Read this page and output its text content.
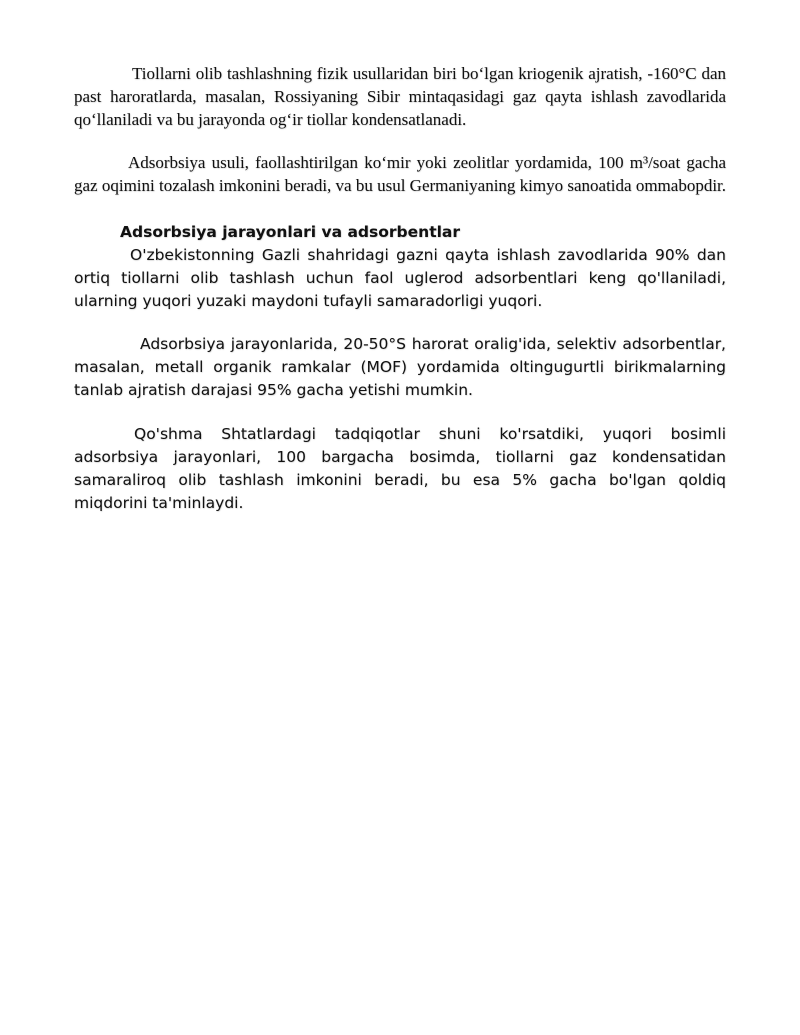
Tiollarni olib tashlashning fizik usullaridan biri bo‘lgan kriogenik ajratish, -160°C dan past haroratlarda, masalan, Rossiyaning Sibir mintaqasidagi gaz qayta ishlash zavodlarida qo‘llaniladi va bu jarayonda og‘ir tiollar kondensatlanadi.

Adsorbsiya usuli, faollashtirilgan ko‘mir yoki zeolitlar yordamida, 100 m³/soat gacha gaz oqimini tozalash imkonini beradi, va bu usul Germaniyaning kimyo sanoatida ommabopdir.

Adsorbsiya jarayonlari va adsorbentlar

O'zbekistonning Gazli shahridagi gazni qayta ishlash zavodlarida 90% dan ortiq tiollarni olib tashlash uchun faol uglerod adsorbentlari keng qo'llaniladi, ularning yuqori yuzaki maydoni tufayli samaradorligi yuqori.

Adsorbsiya jarayonlarida, 20-50°S harorat oralig'ida, selektiv adsorbentlar, masalan, metall organik ramkalar (MOF) yordamida oltingugurtli birikmalarning tanlab ajratish darajasi 95% gacha yetishi mumkin.

Qo'shma Shtatlardagi tadqiqotlar shuni ko'rsatdiki, yuqori bosimli adsorbsiya jarayonlari, 100 bargacha bosimda, tiollarni gaz kondensatidan samaraliroq olib tashlash imkonini beradi, bu esa 5% gacha bo'lgan qoldiq miqdorini ta'minlaydi.
